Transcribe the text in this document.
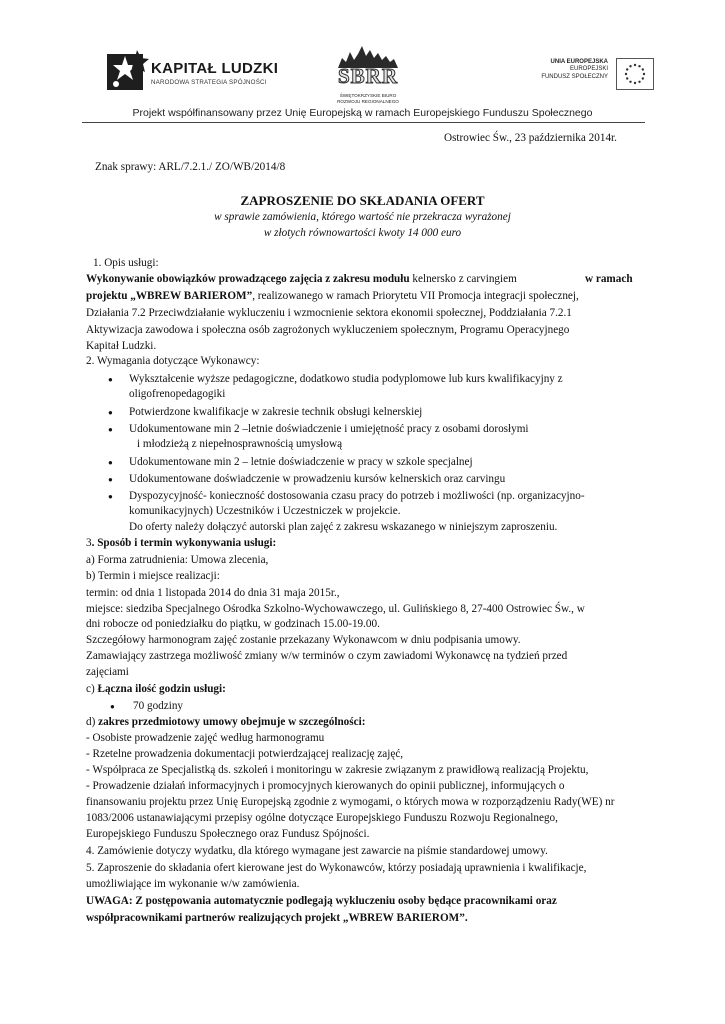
KAPITAŁ LUDZKI
NARODOWA STRATEGIA SPÓJNOŚCI	SBRR
ŚWIĘTOKRZYSKIE BIURO
ROZWOJU REGIONALNEGO
UNIA EUROPEJSKA
EUROPEJSKI
FUNDUSZ SPOŁECZNY
Projekt współfinansowany przez Unię Europejską w ramach Europejskiego Funduszu Społecznego
Ostrowiec Św., 23 października 2014r.
Znak sprawy: ARL/7.2.1./ ZO/WB/2014/8
ZAPROSZENIE DO SKŁADANIA OFERT
w sprawie zamówienia, którego wartość nie przekracza wyrażonej
w złotych równowartości kwoty 14 000 euro
1. Opis usługi:
Wykonywanie obowiązków prowadzącego zajęcia z zakresu modułu kelnersko z carvingiem	w ramach
projektu „WBREW BARIEROM”, realizowanego w ramach Priorytetu VII Promocja integracji społecznej,
Działania 7.2 Przeciwdziałanie wykluczeniu i wzmocnienie sektora ekonomii społecznej, Poddziałania 7.2.1
Aktywizacja zawodowa i społeczna osób zagrożonych wykluczeniem społecznym, Programu Operacyjnego
Kapitał Ludzki.
2. Wymagania dotyczące Wykonawcy:
● Wykształcenie wyższe pedagogiczne, dodatkowo studia podyplomowe lub kurs kwalifikacyjny z
oligofrenopedagogiki
● Potwierdzone kwalifikacje w zakresie technik obsługi kelnerskiej
● Udokumentowane min 2 –letnie doświadczenie i umiejętność pracy z osobami dorosłymi
i młodzieżą z niepełnosprawnością umysłową
● Udokumentowane min 2 – letnie doświadczenie w pracy w szkole specjalnej
● Udokumentowane doświadczenie w prowadzeniu kursów kelnerskich oraz carvingu
● Dyspozycyjność- konieczność dostosowania czasu pracy do potrzeb i możliwości (np. organizacyjno-
komunikacyjnych) Uczestników i Uczestniczek w projekcie.
Do oferty należy dołączyć autorski plan zajęć z zakresu wskazanego w niniejszym zaproszeniu.
3. Sposób i termin wykonywania usługi:
a) Forma zatrudnienia: Umowa zlecenia,
b) Termin i miejsce realizacji:
termin: od dnia 1 listopada 2014 do dnia 31 maja 2015r.,
miejsce: siedziba Specjalnego Ośrodka Szkolno-Wychowawczego, ul. Gulińskiego 8, 27-400 Ostrowiec Św., w
dni robocze od poniedziałku do piątku, w godzinach 15.00-19.00.
Szczegółowy harmonogram zajęć zostanie przekazany Wykonawcom w dniu podpisania umowy.
Zamawiający zastrzega możliwość zmiany w/w terminów o czym zawiadomi Wykonawcę na tydzień przed
zajęciami
c) Łączna ilość godzin usługi:
● 70 godziny
d) zakres przedmiotowy umowy obejmuje w szczególności:
- Osobiste prowadzenie zajęć według harmonogramu
- Rzetelne prowadzenia dokumentacji potwierdzającej realizację zajęć,
- Współpraca ze Specjalistką ds. szkoleń i monitoringu w zakresie związanym z prawidłową realizacją Projektu,
- Prowadzenie działań informacyjnych i promocyjnych kierowanych do opinii publicznej, informujących o
finansowaniu projektu przez Unię Europejską zgodnie z wymogami, o których mowa w rozporządzeniu Rady(WE) nr
1083/2006 ustanawiającymi przepisy ogólne dotyczące Europejskiego Funduszu Rozwoju Regionalnego,
Europejskiego Funduszu Społecznego oraz Fundusz Spójności.
4. Zamówienie dotyczy wydatku, dla którego wymagane jest zawarcie na piśmie standardowej umowy.
5. Zaproszenie do składania ofert kierowane jest do Wykonawców, którzy posiadają uprawnienia i kwalifikacje,
umożliwiające im wykonanie w/w zamówienia.
UWAGA: Z postępowania automatycznie podlegają wykluczeniu osoby będące pracownikami oraz
współpracownikami partnerów realizujących projekt „WBREW BARIEROM”.
